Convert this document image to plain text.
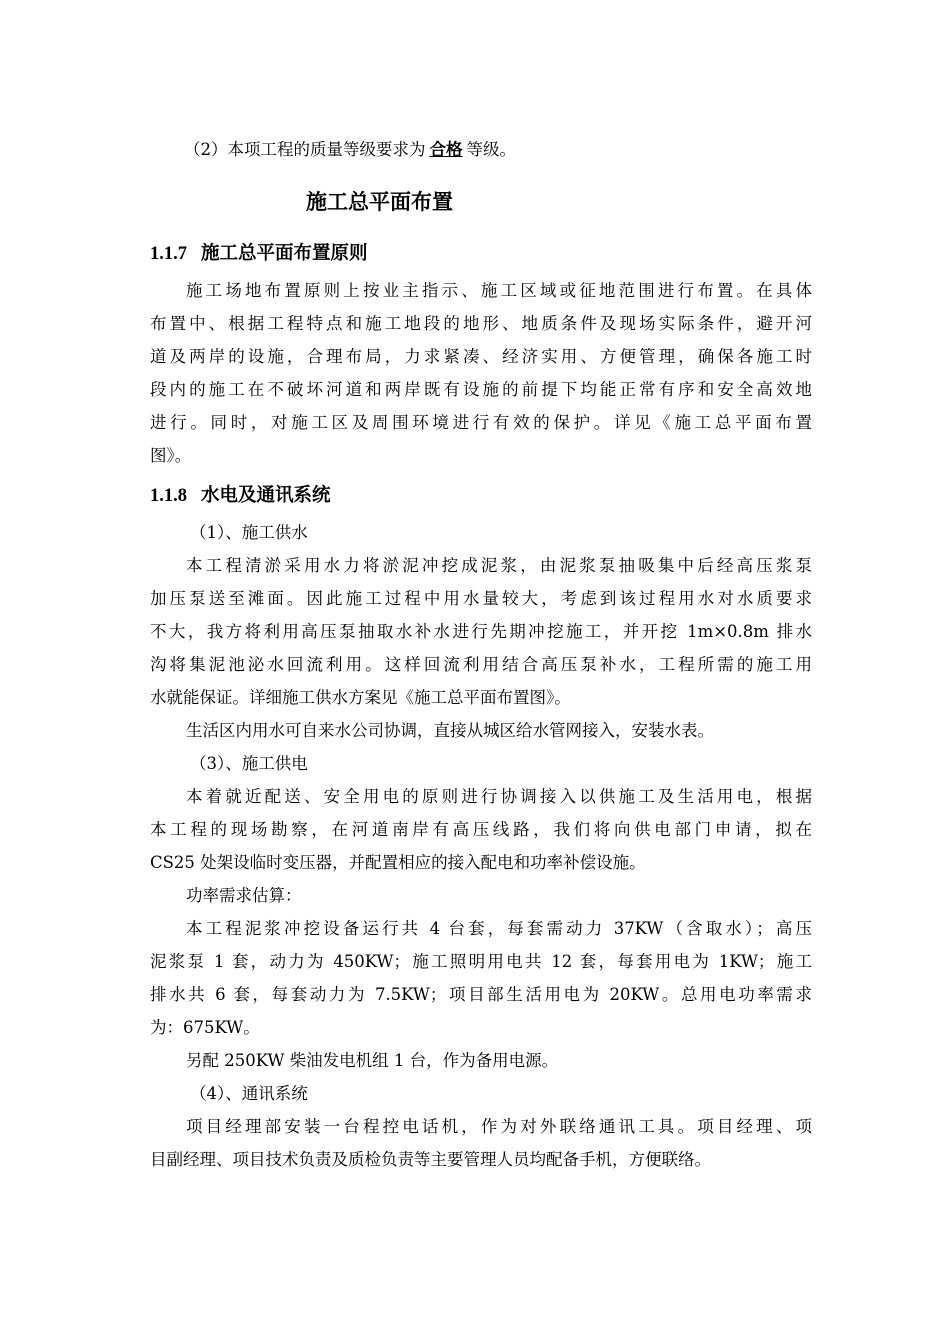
（2）本项工程的质量等级要求为 合格 等级。
施工总平面布置
1.1.7 施工总平面布置原则
施工场地布置原则上按业主指示、施工区域或征地范围进行布置。在具体
布置中、根据工程特点和施工地段的地形、地质条件及现场实际条件，避开河
道及两岸的设施，合理布局，力求紧凑、经济实用、方便管理，确保各施工时
段内的施工在不破坏河道和两岸既有设施的前提下均能正常有序和安全高效地
进行。同时，对施工区及周围环境进行有效的保护。详见《施工总平面布置
图》。
1.1.8 水电及通讯系统
（1）、施工供水
本工程清淤采用水力将淤泥冲挖成泥浆，由泥浆泵抽吸集中后经高压浆泵
加压泵送至滩面。因此施工过程中用水量较大，考虑到该过程用水对水质要求
不大，我方将利用高压泵抽取水补水进行先期冲挖施工，并开挖 1m×0.8m 排水
沟将集泥池泌水回流利用。这样回流利用结合高压泵补水，工程所需的施工用
水就能保证。详细施工供水方案见《施工总平面布置图》。
生活区内用水可自来水公司协调，直接从城区给水管网接入，安装水表。
（3）、施工供电
本着就近配送、安全用电的原则进行协调接入以供施工及生活用电，根据
本工程的现场勘察，在河道南岸有高压线路，我们将向供电部门申请，拟在
CS25 处架设临时变压器，并配置相应的接入配电和功率补偿设施。
功率需求估算：
本工程泥浆冲挖设备运行共 4 台套，每套需动力 37KW（含取水）；高压
泥浆泵 1 套，动力为 450KW；施工照明用电共 12 套，每套用电为 1KW；施工
排水共 6 套，每套动力为 7.5KW；项目部生活用电为 20KW。总用电功率需求
为：675KW。
另配 250KW 柴油发电机组 1 台，作为备用电源。
（4）、通讯系统
项目经理部安装一台程控电话机，作为对外联络通讯工具。项目经理、项
目副经理、项目技术负责及质检负责等主要管理人员均配备手机，方便联络。
